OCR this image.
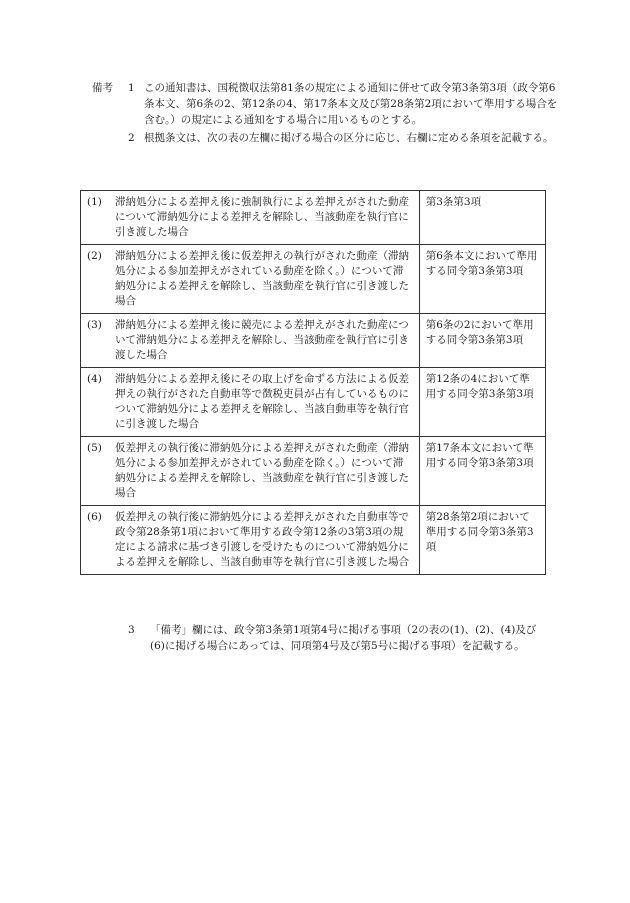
備考	1 この通知書は、国税徴収法第81条の規定による通知に併せて政令第3条第3項（政令第6条本文、第6条の2、第12条の4、第17条本文及び第28条第2項において準用する場合を含む。）の規定による通知をする場合に用いるものとする。
2 根拠条文は、次の表の左欄に掲げる場合の区分に応じ、右欄に定める条項を記載する。
(1) 滞納処分による差押え後に強制執行による差押えがされた動産について滞納処分による差押えを解除し、当該動産を執行官に引き渡した場合	第3条第3項

(2) 滞納処分による差押え後に仮差押えの執行がされた動産（滞納処分による参加差押えがされている動産を除く。）について滞納処分による差押えを解除し、当該動産を執行官に引き渡した場合	第6条本文において準用する同令第3条第3項

(3) 滞納処分による差押え後に競売による差押えがされた動産について滞納処分による差押えを解除し、当該動産を執行官に引き渡した場合	第6条の2において準用する同令第3条第3項

(4) 滞納処分による差押え後にその取上げを命ずる方法による仮差押えの執行がされた自動車等で徴税吏員が占有しているものについて滞納処分による差押えを解除し、当該自動車等を執行官に引き渡した場合	第12条の4において準用する同令第3条第3項

(5) 仮差押えの執行後に滞納処分による差押えがされた動産（滞納処分による参加差押えがされている動産を除く。）について滞納処分による差押えを解除し、当該動産を執行官に引き渡した場合	第17条本文において準用する同令第3条第3項

(6) 仮差押えの執行後に滞納処分による差押えがされた自動車等で政令第28条第1項において準用する政令第12条の3第3項の規定による請求に基づき引渡しを受けたものについて滞納処分による差押えを解除し、当該自動車等を執行官に引き渡した場合	第28条第2項において準用する同令第3条第3項
3	「備考」欄には、政令第3条第1項第4号に掲げる事項（2の表の(1)、(2)、(4)及び(6)に掲げる場合にあっては、同項第4号及び第5号に掲げる事項）を記載する。
